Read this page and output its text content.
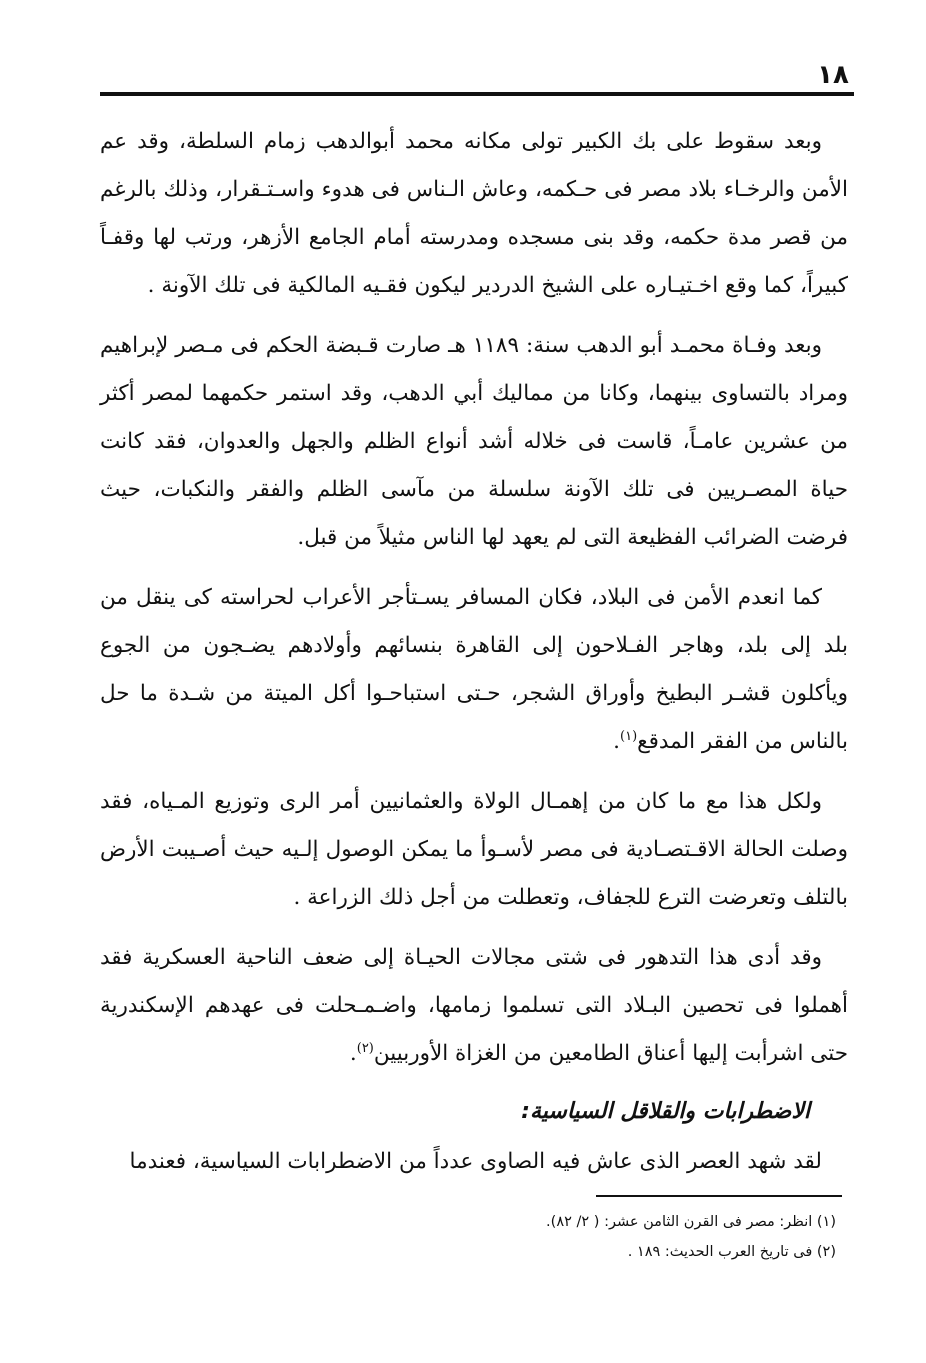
١٨

وبعد سقوط على بك الكبير تولى مكانه محمد أبوالدهب زمام السلطة، وقد عم الأمن والرخـاء بلاد مصر فى حـكمه، وعاش الـناس فى هدوء واسـتـقرار، وذلك بالرغم من قصر مدة حكمه، وقد بنى مسجده ومدرسته أمام الجامع الأزهر، ورتب لها وقفـاً كبيراً، كما وقع اخـتيـاره على الشيخ الدردير ليكون فقـيه المالكية فى تلك الآونة .

وبعد وفـاة محمـد أبو الدهب سنة: ١١٨٩ هـ صارت قـبضة الحكم فى مـصر لإبراهيم ومراد بالتساوى بينهما، وكانا من مماليك أبي الدهب، وقد استمر حكمهما لمصر أكثر من عشرين عامـاً، قاست فى خلاله أشد أنواع الظلم والجهل والعدوان، فقد كانت حياة المصـريين فى تلك الآونة سلسلة من مآسى الظلم والفقر والنكبات، حيث فرضت الضرائب الفظيعة التى لم يعهد لها الناس مثيلاً من قبل.

كما انعدم الأمن فى البلاد، فكان المسافر يسـتأجر الأعراب لحراسته كى ينقل من بلد إلى بلد، وهاجر الفـلاحون إلى القاهرة بنسائهم وأولادهم يضـجون من الجوع ويأكلون قشـر البطيخ وأوراق الشجر، حـتى استباحـوا أكل الميتة من شـدة ما حل بالناس من الفقر المدقع$^{(١)}$.

ولكل هذا مع ما كان من إهمـال الولاة والعثمانيين أمر الرى وتوزيع المـياه، فقد وصلت الحالة الاقـتصـادية فى مصر لأسـوأ ما يمكن الوصول إلـيه حيث أصـيبت الأرض بالتلف وتعرضت الترع للجفاف، وتعطلت من أجل ذلك الزراعة .

وقد أدى هذا التدهور فى شتى مجالات الحيـاة إلى ضعف الناحية العسكرية فقد أهملوا فى تحصين البـلاد التى تسلموا زمامها، واضـمـحلت فى عهدهم الإسكندرية حتى اشرأبت إليها أعناق الطامعين من الغزاة الأوربيين$^{(٢)}$.

الاضطرابات والقلاقل السياسية:

لقد شهد العصر الذى عاش فيه الصاوى عدداً من الاضطرابات السياسية، فعندما

(١) انظر: مصر فى القرن الثامن عشر: ( ٢/ ٨٢).

(٢) فى تاريخ العرب الحديث: ١٨٩ .
